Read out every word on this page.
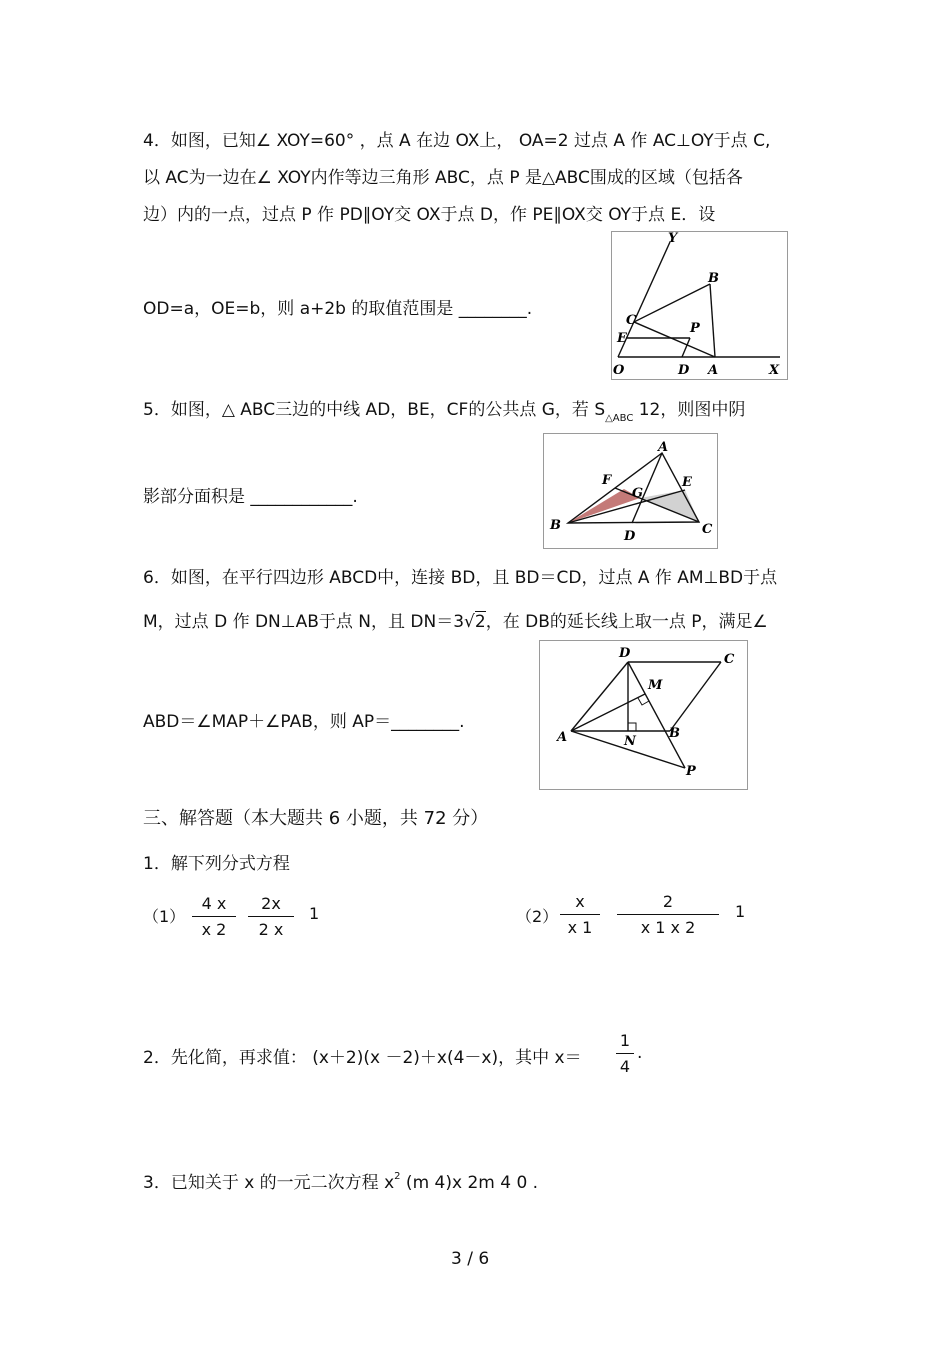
4．如图，已知∠ XOY=60° ，点 A 在边 OX上， OA=2 过点 A 作 AC⊥OY于点 C,
以 AC为一边在∠ XOY内作等边三角形 ABC，点 P 是△ABC围成的区域（包括各
边）内的一点，过点 P 作 PD∥OY交 OX于点 D，作 PE∥OX交 OY于点 E．设
OD=a，OE=b，则 a+2b 的取值范围是 ________.
Y
B
C
P
E
O	D A	X
5．如图，△ ABC三边的中线 AD，BE，CF的公共点 G，若 $S_{\triangle ABC}$ 12，则图中阴
影部分面积是 ____________.
A
F
G
E
B
D	C
6．如图，在平行四边形 ABCD中，连接 BD，且 BD＝CD，过点 A 作 AM⊥BD于点
M，过点 D 作 DN⊥AB于点 N，且 DN＝3√2，在 DB的延长线上取一点 P，满足∠
ABD＝∠MAP＋∠PAB，则 AP＝________.
D	C
M
A	N
B
P
三、解答题（本大题共 6 小题，共 72 分）
1．解下列分式方程
（1）
4 x
x 2
2x
2 x
1	（2）
x
x 1
2
x 1 x 2
1
2．先化简，再求值： (x＋2)(x －2)＋x(4－x)，其中 x＝
1
4
.
3．已知关于 x 的一元二次方程 $x^2$ (m 4)x 2m 4 0 .
3 / 6
